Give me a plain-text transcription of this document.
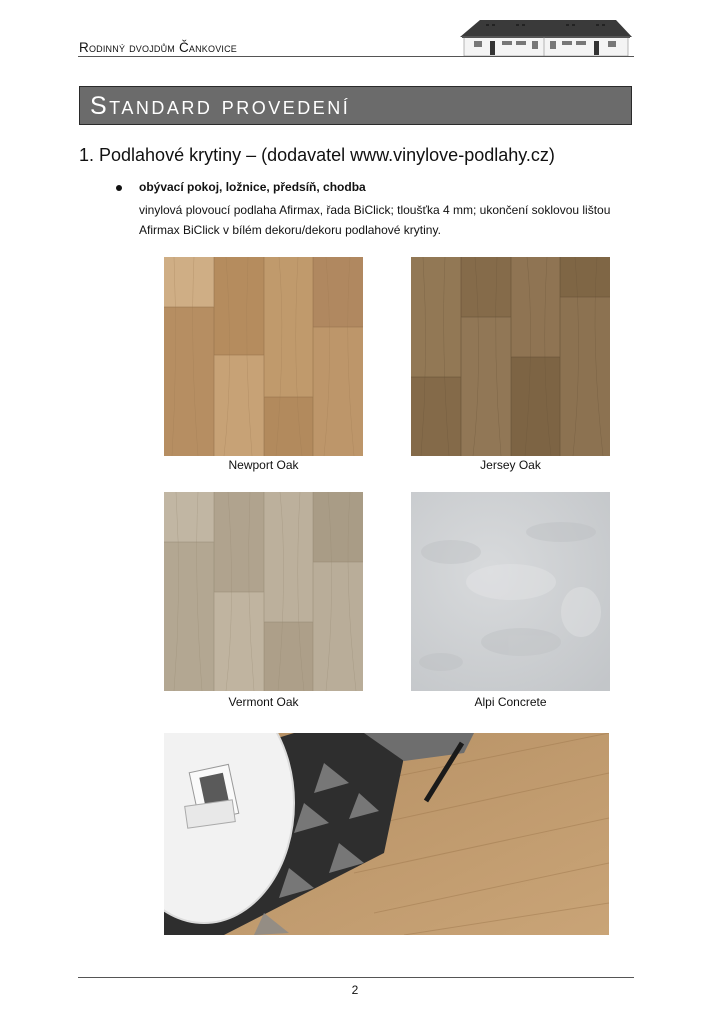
Rodinný dvojdům Čankovice
Standard provedení
1. Podlahové krytiny – (dodavatel www.vinylove-podlahy.cz)
obývací pokoj, ložnice, předsíň, chodba
vinylová plovoucí podlaha Afirmax, řada BiClick; tloušťka 4 mm; ukončení soklovou lištou Afirmax BiClick v bílém dekoru/dekoru podlahové krytiny.
Newport Oak	Jersey Oak
Vermont Oak	Alpi Concrete
2
